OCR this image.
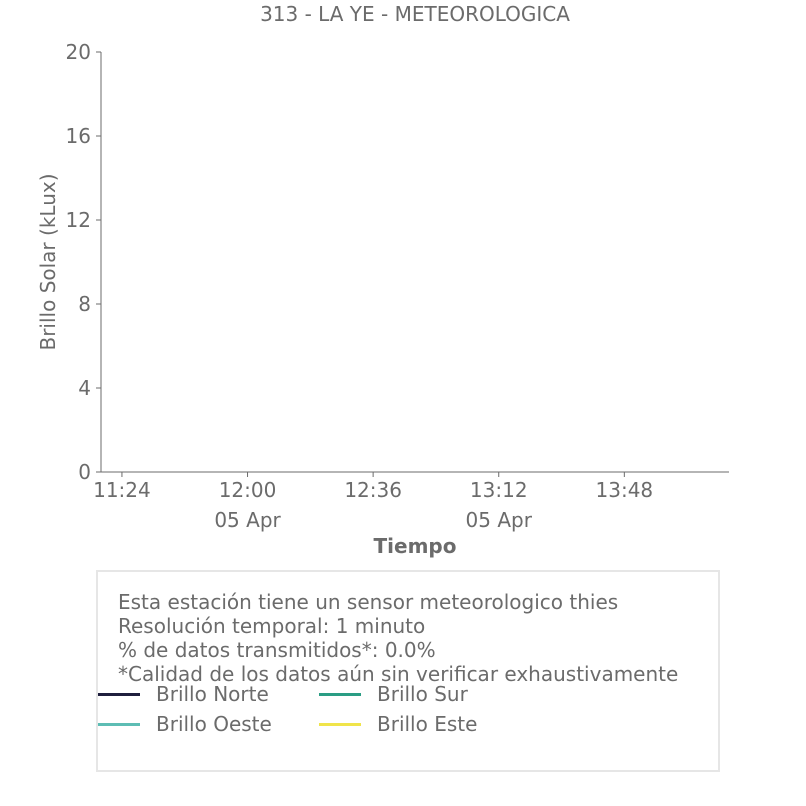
313 - LA YE - METEOROLOGICA
Brillo Solar (kLux)
Tiempo
0
4
8
12
16
20
11:24	12:00
05 Apr
12:36	13:12
05 Apr
13:48
Esta estación tiene un sensor meteorologico thies
Resolución temporal: 1 minuto
% de datos transmitidos*: 0.0%
*Calidad de los datos aún sin verificar exhaustivamente
Brillo Norte	Brillo Sur
Brillo Oeste	Brillo Este
